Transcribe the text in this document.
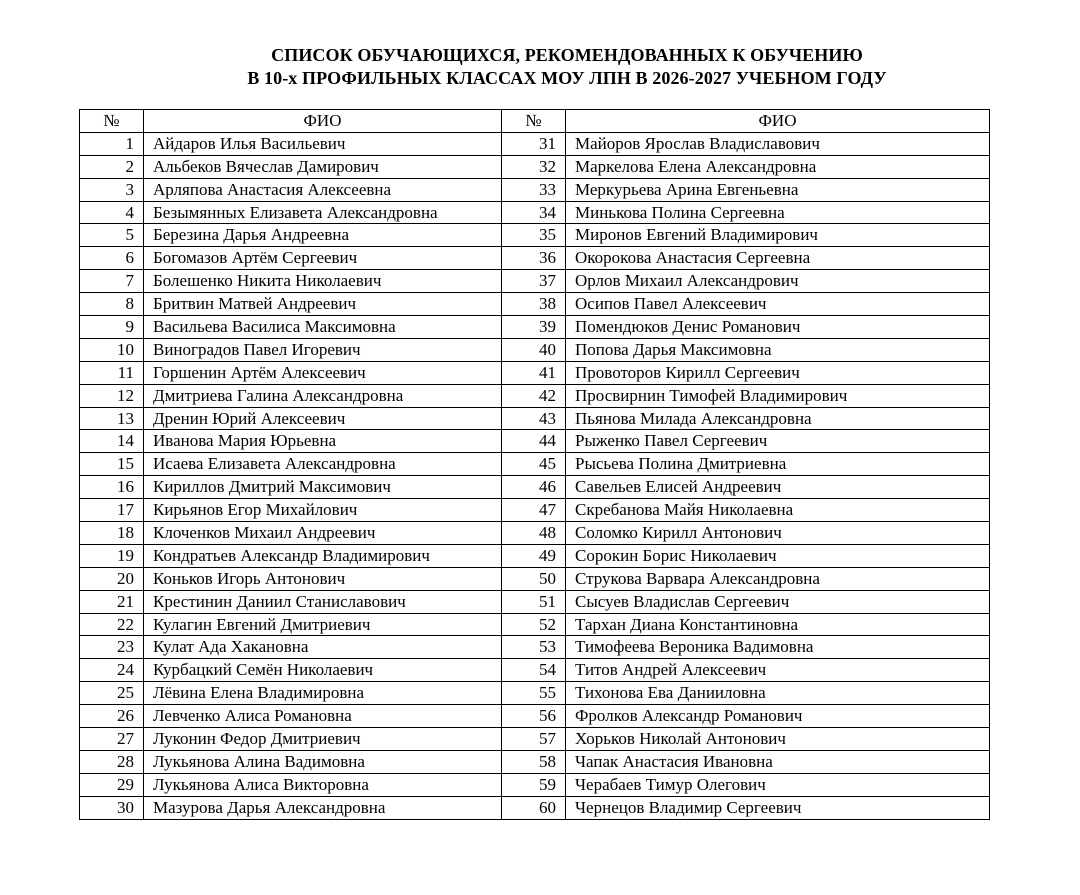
СПИСОК ОБУЧАЮЩИХСЯ, РЕКОМЕНДОВАННЫХ К ОБУЧЕНИЮ
В 10-х ПРОФИЛЬНЫХ КЛАССАХ МОУ ЛПН В 2026-2027 УЧЕБНОМ ГОДУ
№	ФИО	№	ФИО
1	Айдаров Илья Васильевич	31	Майоров Ярослав Владиславович
2	Альбеков Вячеслав Дамирович	32	Маркелова Елена Александровна
3	Арляпова Анастасия Алексеевна	33	Меркурьева Арина Евгеньевна
4	Безымянных Елизавета Александровна	34	Минькова Полина Сергеевна
5	Березина Дарья Андреевна	35	Миронов Евгений Владимирович
6	Богомазов Артём Сергеевич	36	Окорокова Анастасия Сергеевна
7	Болешенко Никита Николаевич	37	Орлов Михаил Александрович
8	Бритвин Матвей Андреевич	38	Осипов Павел Алексеевич
9	Васильева Василиса Максимовна	39	Помендюков Денис Романович
10	Виноградов Павел Игоревич	40	Попова Дарья Максимовна
11	Горшенин Артём Алексеевич	41	Провоторов Кирилл Сергеевич
12	Дмитриева Галина Александровна	42	Просвирнин Тимофей Владимирович
13	Дренин Юрий Алексеевич	43	Пьянова Милада Александровна
14	Иванова Мария Юрьевна	44	Рыженко Павел Сергеевич
15	Исаева Елизавета Александровна	45	Рысьева Полина Дмитриевна
16	Кириллов Дмитрий Максимович	46	Савельев Елисей Андреевич
17	Кирьянов Егор Михайлович	47	Скребанова Майя Николаевна
18	Клоченков Михаил Андреевич	48	Соломко Кирилл Антонович
19	Кондратьев Александр Владимирович	49	Сорокин Борис Николаевич
20	Коньков Игорь Антонович	50	Струкова Варвара Александровна
21	Крестинин Даниил Станиславович	51	Сысуев Владислав Сергеевич
22	Кулагин Евгений Дмитриевич	52	Тархан Диана Константиновна
23	Кулат Ада Хакановна	53	Тимофеева Вероника Вадимовна
24	Курбацкий Семён Николаевич	54	Титов Андрей Алексеевич
25	Лёвина Елена Владимировна	55	Тихонова Ева Данииловна
26	Левченко Алиса Романовна	56	Фролков Александр Романович
27	Луконин Федор Дмитриевич	57	Хорьков Николай Антонович
28	Лукьянова Алина Вадимовна	58	Чапак Анастасия Ивановна
29	Лукьянова Алиса Викторовна	59	Черабаев Тимур Олегович
30	Мазурова Дарья Александровна	60	Чернецов Владимир Сергеевич
